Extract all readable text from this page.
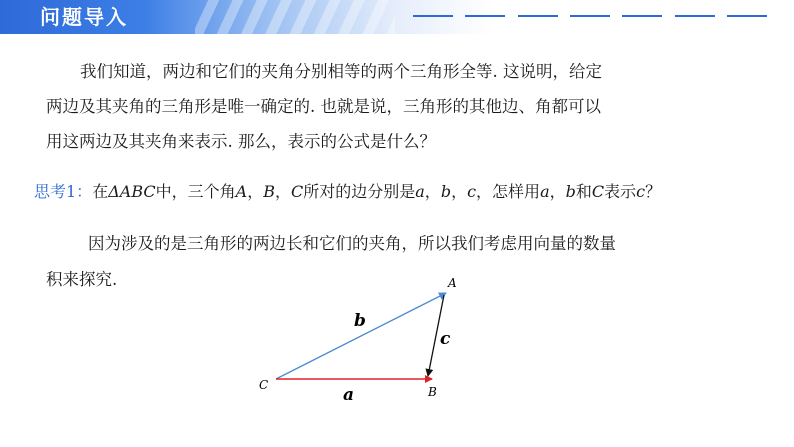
问题导入
我们知道，两边和它们的夹角分别相等的两个三角形全等. 这说明，给定
两边及其夹角的三角形是唯一确定的. 也就是说，三角形的其他边、角都可以
用这两边及其夹角来表示. 那么，表示的公式是什么？
思考1：在ΔABC中，三个角A，B，C所对的边分别是a，b，c，怎样用a，b和C表示c？
因为涉及的是三角形的两边长和它们的夹角，所以我们考虑用向量的数量
积来探究.	A
B
C
b
c
a
